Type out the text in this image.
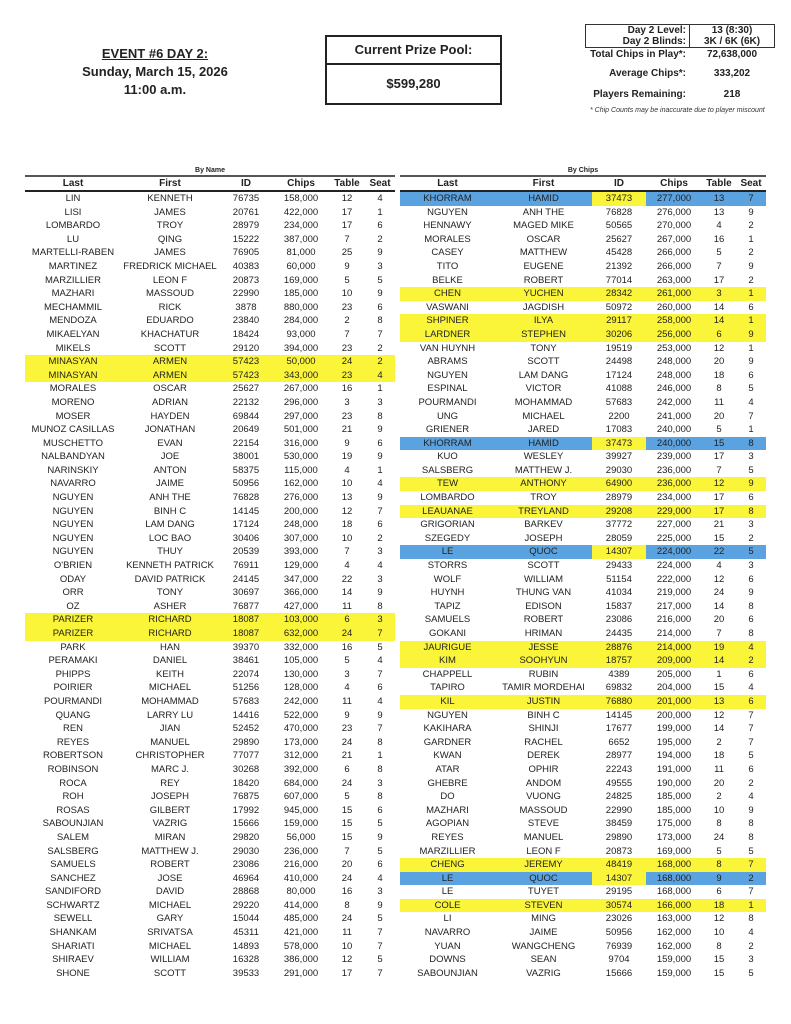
EVENT #6 DAY 2:
Sunday, March 15, 2026
11:00 a.m.
Current Prize Pool:
$599,280
Day 2 Level:	13 (8:30)
Day 2 Blinds:	3K / 6K (6K)
Total Chips in Play*:	72,638,000
Average Chips*:	333,202
Players Remaining:	218
* Chip Counts may be inaccurate due to player miscount
By Name
Last	First	ID	Chips	Table Seat
LIN	KENNETH	76735	158,000	12	4
LISI	JAMES	20761	422,000	17	1
LOMBARDO	TROY	28979	234,000	17	6
LU	QING	15222	387,000	7	2
MARTELLI-RABEN	JAMES	76905	81,000	25	9
MARTINEZ	FREDRICK MICHAEL	40383	60,000	9	3
MARZILLIER	LEON F	20873	169,000	5	5
MAZHARI	MASSOUD	22990	185,000	10	9
MECHAMMIL	RICK	3878	880,000	23	6
MENDOZA	EDUARDO	23840	284,000	2	8
MIKAELYAN	KHACHATUR	18424	93,000	7	7
MIKELS	SCOTT	29120	394,000	23	2
MINASYAN	ARMEN	57423	50,000	24	2
MINASYAN	ARMEN	57423	343,000	23	4
MORALES	OSCAR	25627	267,000	16	1
MORENO	ADRIAN	22132	296,000	3	3
MOSER	HAYDEN	69844	297,000	23	8
MUNOZ CASILLAS	JONATHAN	20649	501,000	21	9
MUSCHETTO	EVAN	22154	316,000	9	6
NALBANDYAN	JOE	38001	530,000	19	9
NARINSKIY	ANTON	58375	115,000	4	1
NAVARRO	JAIME	50956	162,000	10	4
NGUYEN	ANH THE	76828	276,000	13	9
NGUYEN	BINH C	14145	200,000	12	7
NGUYEN	LAM DANG	17124	248,000	18	6
NGUYEN	LOC BAO	30406	307,000	10	2
NGUYEN	THUY	20539	393,000	7	3
O'BRIEN	KENNETH PATRICK	76911	129,000	4	4
ODAY	DAVID PATRICK	24145	347,000	22	3
ORR	TONY	30697	366,000	14	9
OZ	ASHER	76877	427,000	11	8
PARIZER	RICHARD	18087	103,000	6	3
PARIZER	RICHARD	18087	632,000	24	7
PARK	HAN	39370	332,000	16	5
PERAMAKI	DANIEL	38461	105,000	5	4
PHIPPS	KEITH	22074	130,000	3	7
POIRIER	MICHAEL	51256	128,000	4	6
POURMANDI	MOHAMMAD	57683	242,000	11	4
QUANG	LARRY LU	14416	522,000	9	9
REN	JIAN	52452	470,000	23	7
REYES	MANUEL	29890	173,000	24	8
ROBERTSON	CHRISTOPHER	77077	312,000	21	1
ROBINSON	MARC J.	30268	392,000	6	8
ROCA	REY	18420	684,000	24	3
ROH	JOSEPH	76875	607,000	5	8
ROSAS	GILBERT	17992	945,000	15	6
SABOUNJIAN	VAZRIG	15666	159,000	15	5
SALEM	MIRAN	29820	56,000	15	9
SALSBERG	MATTHEW J.	29030	236,000	7	5
SAMUELS	ROBERT	23086	216,000	20	6
SANCHEZ	JOSE	46964	410,000	24	4
SANDIFORD	DAVID	28868	80,000	16	3
SCHWARTZ	MICHAEL	29220	414,000	8	9
SEWELL	GARY	15044	485,000	24	5
SHANKAM	SRIVATSA	45311	421,000	11	7
SHARIATI	MICHAEL	14893	578,000	10	7
SHIRAEV	WILLIAM	16328	386,000	12	5
SHONE	SCOTT	39533	291,000	17	7
By Chips
Last	First	ID	Chips	Table Seat
KHORRAM	HAMID	37473	277,000	13	7
NGUYEN	ANH THE	76828	276,000	13	9
HENNAWY	MAGED MIKE	50565	270,000	4	2
MORALES	OSCAR	25627	267,000	16	1
CASEY	MATTHEW	45428	266,000	5	2
TITO	EUGENE	21392	266,000	7	9
BELKE	ROBERT	77014	263,000	17	2
CHEN	YUCHEN	28342	261,000	3	1
VASWANI	JAGDISH	50972	260,000	14	6
SHPINER	ILYA	29117	258,000	14	1
LARDNER	STEPHEN	30206	256,000	6	9
VAN HUYNH	TONY	19519	253,000	12	1
ABRAMS	SCOTT	24498	248,000	20	9
NGUYEN	LAM DANG	17124	248,000	18	6
ESPINAL	VICTOR	41088	246,000	8	5
POURMANDI	MOHAMMAD	57683	242,000	11	4
UNG	MICHAEL	2200	241,000	20	7
GRIENER	JARED	17083	240,000	5	1
KHORRAM	HAMID	37473	240,000	15	8
KUO	WESLEY	39927	239,000	17	3
SALSBERG	MATTHEW J.	29030	236,000	7	5
TEW	ANTHONY	64900	236,000	12	9
LOMBARDO	TROY	28979	234,000	17	6
LEAUANAE	TREYLAND	29208	229,000	17	8
GRIGORIAN	BARKEV	37772	227,000	21	3
SZEGEDY	JOSEPH	28059	225,000	15	2
LE	QUOC	14307	224,000	22	5
STORRS	SCOTT	29433	224,000	4	3
WOLF	WILLIAM	51154	222,000	12	6
HUYNH	THUNG VAN	41034	219,000	24	9
TAPIZ	EDISON	15837	217,000	14	8
SAMUELS	ROBERT	23086	216,000	20	6
GOKANI	HRIMAN	24435	214,000	7	8
JAURIGUE	JESSE	28876	214,000	19	4
KIM	SOOHYUN	18757	209,000	14	2
CHAPPELL	RUBIN	4389	205,000	1	6
TAPIRO	TAMIR MORDEHAI	69832	204,000	15	4
KIL	JUSTIN	76880	201,000	13	6
NGUYEN	BINH C	14145	200,000	12	7
KAKIHARA	SHINJI	17677	199,000	14	7
GARDNER	RACHEL	6652	195,000	2	7
KWAN	DEREK	28977	194,000	18	5
ATAR	OPHIR	22243	191,000	11	6
GHEBRE	ANDOM	49555	190,000	20	2
DO	VUONG	24825	185,000	2	4
MAZHARI	MASSOUD	22990	185,000	10	9
AGOPIAN	STEVE	38459	175,000	8	8
REYES	MANUEL	29890	173,000	24	8
MARZILLIER	LEON F	20873	169,000	5	5
CHENG	JEREMY	48419	168,000	8	7
LE	QUOC	14307	168,000	9	2
LE	TUYET	29195	168,000	6	7
COLE	STEVEN	30574	166,000	18	1
LI	MING	23026	163,000	12	8
NAVARRO	JAIME	50956	162,000	10	4
YUAN	WANGCHENG	76939	162,000	8	2
DOWNS	SEAN	9704	159,000	15	3
SABOUNJIAN	VAZRIG	15666	159,000	15	5
